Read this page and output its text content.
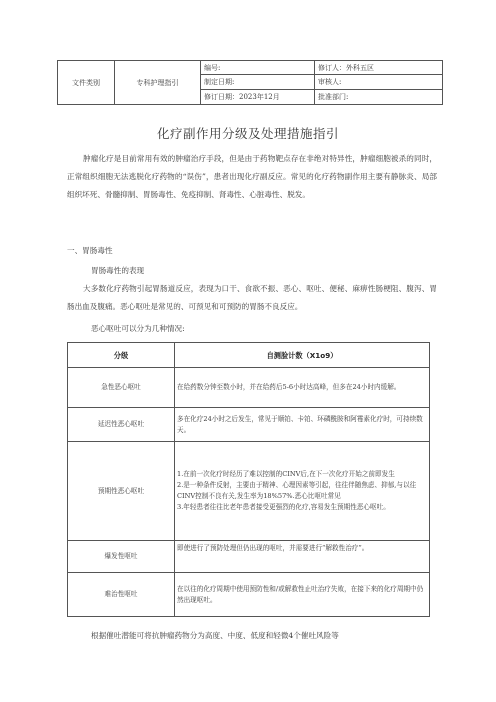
文件类别	专科护理指引	编号:	修订人：外科五区
		制定日期:	审核人:
		修订日期：2023年12月	批准部门:
化疗副作用分级及处理措施指引

肿瘤化疗是目前常用有效的肿瘤治疗手段，但是由于药物靶点存在非绝对特异性，肿瘤细胞被杀的同时，正常组织细胞无法逃脱化疗药物的“误伤”，患者出现化疗副反应。常见的化疗药物副作用主要有静脉炎、局部组织坏死、骨髓抑制、胃肠毒性、免疫抑制、肾毒性、心脏毒性、脱发。

一、胃肠毒性

胃肠毒性的表现

大多数化疗药物引起胃肠道反应，表现为口干、食欲不振、恶心、呕吐、便秘、麻痹性肠梗阻、腹泻、胃肠出血及腹痛。恶心呕吐是常见的、可预见和可预防的胃肠不良反应。

恶心呕吐可以分为几种情况:

分级	自测脸计数（X1o9）
急性恶心呕吐	在给药数分钟至数小时，并在给药后5-6小时达高峰，但多在24小时内缓解。
延迟性恶心呕吐	多在化疗24小时之后发生，常见于顺铂、卡铂、环磷酰胺和阿霉素化疗时，可持续数天。
预期性恶心呕吐	1.在前一次化疗时经历了难以控制的CINV后,在下一次化疗开始之前即发生
2.是一种条件反射，主要由于精神、心理因素等引起，往往伴随焦虑、抑郁,与以往CINV控制不良有关,发生率为18%57%.恶心比呕吐常见
3.年轻患者往往比老年患者接受更强烈的化疗,容易发生预期性恶心呕吐。
爆发性呕吐	即使进行了预防处理但仍出现的呕吐，并需要进行“解救性治疗”。
难治性呕吐	在以往的化疗周期中使用预防性和/或解救性止吐治疗失败，在接下来的化疗周期中仍然出现呕吐。

根据催吐潜能可将抗肿瘤药物分为高度、中度、低度和轻微4个催吐风险等
